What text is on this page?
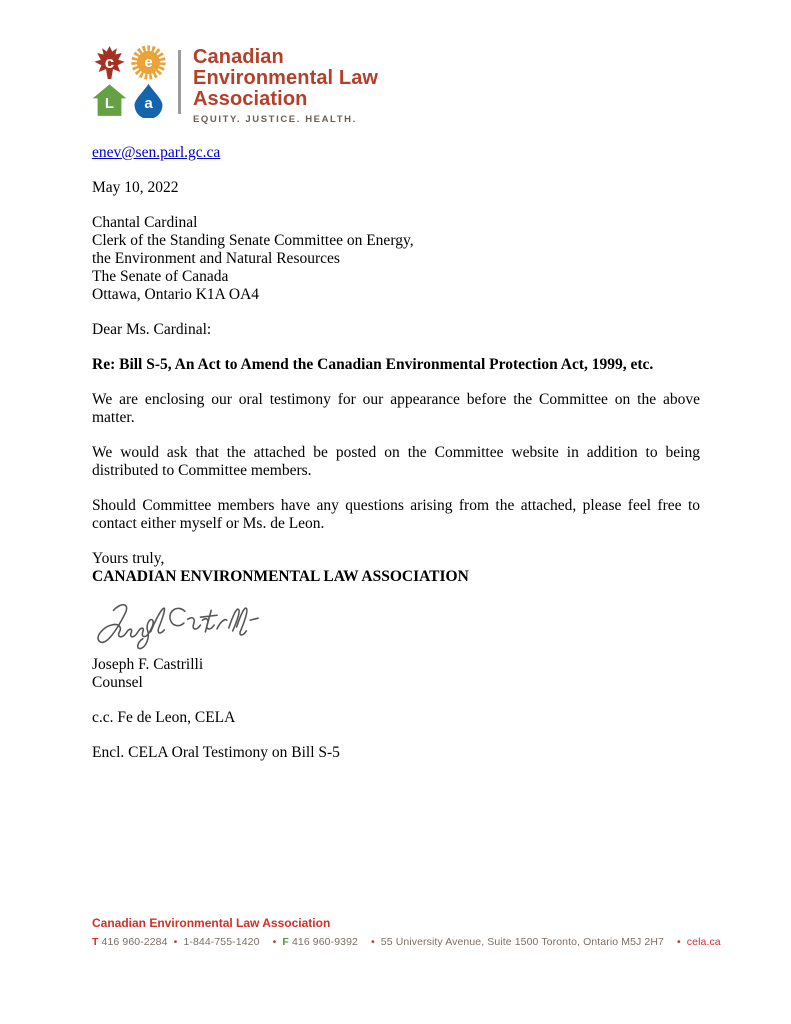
c	e
L	a
Canadian
Environmental Law
Association
EQUITY. JUSTICE. HEALTH.
enev@sen.parl.gc.ca
May 10, 2022
Chantal Cardinal
Clerk of the Standing Senate Committee on Energy,
the Environment and Natural Resources
The Senate of Canada
Ottawa, Ontario K1A OA4
Dear Ms. Cardinal:
Re: Bill S-5, An Act to Amend the Canadian Environmental Protection Act, 1999, etc.

We are enclosing our oral testimony for our appearance before the Committee on the above matter.

We would ask that the attached be posted on the Committee website in addition to being distributed to Committee members.

Should Committee members have any questions arising from the attached, please feel free to contact either myself or Ms. de Leon.

Yours truly,
CANADIAN ENVIRONMENTAL LAW ASSOCIATION
Joseph F. Castrilli
Counsel
c.c. Fe de Leon, CELA
Encl. CELA Oral Testimony on Bill S-5
Canadian Environmental Law Association
T 416 960-2284 • 1-844-755-1420 • F 416 960-9392 • 55 University Avenue, Suite 1500 Toronto, Ontario M5J 2H7 • cela.ca
